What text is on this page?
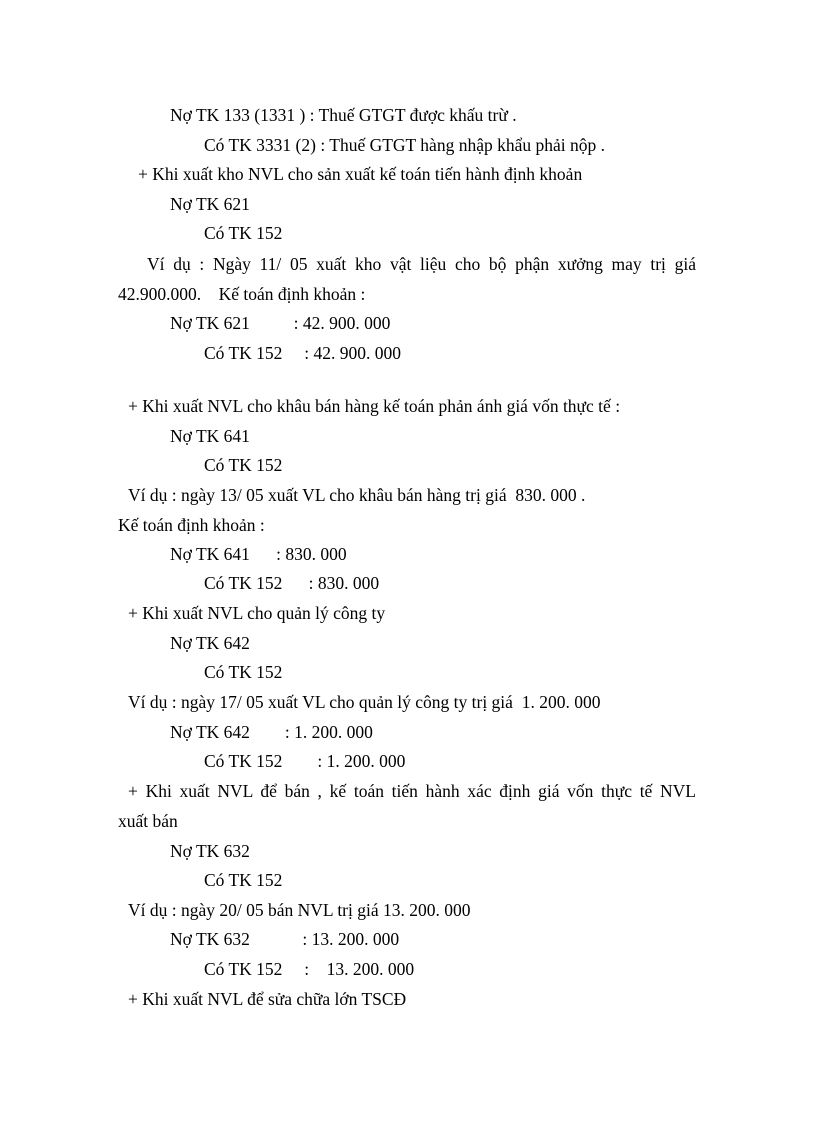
Nợ TK 133 (1331 ) : Thuế GTGT được khấu trừ .

Có TK 3331 (2) : Thuế GTGT hàng nhập khẩu phải nộp .

+ Khi xuất kho NVL cho sản xuất kế toán tiến hành định khoản

Nợ TK 621

Có TK 152

Ví dụ : Ngày 11/ 05 xuất kho vật liệu cho bộ phận xưởng may trị giá

42.900.000.    Kế toán định khoản :

Nợ TK 621          : 42. 900. 000

Có TK 152     : 42. 900. 000

+ Khi xuất NVL cho khâu bán hàng kế toán phản ánh giá vốn thực tế :

Nợ TK 641

Có TK 152

Ví dụ : ngày 13/ 05 xuất VL cho khâu bán hàng trị giá  830. 000 .

Kế toán định khoản :

Nợ TK 641      : 830. 000

Có TK 152      : 830. 000

+ Khi xuất NVL cho quản lý công ty

Nợ TK 642

Có TK 152

Ví dụ : ngày 17/ 05 xuất VL cho quản lý công ty trị giá  1. 200. 000

Nợ TK 642        : 1. 200. 000

Có TK 152        : 1. 200. 000

+ Khi xuất NVL để bán , kế toán tiến hành xác định giá vốn thực tế NVL

xuất bán

Nợ TK 632

Có TK 152

Ví dụ : ngày 20/ 05 bán NVL trị giá 13. 200. 000

Nợ TK 632            : 13. 200. 000

Có TK 152     :    13. 200. 000

+ Khi xuất NVL để sửa chữa lớn TSCĐ
